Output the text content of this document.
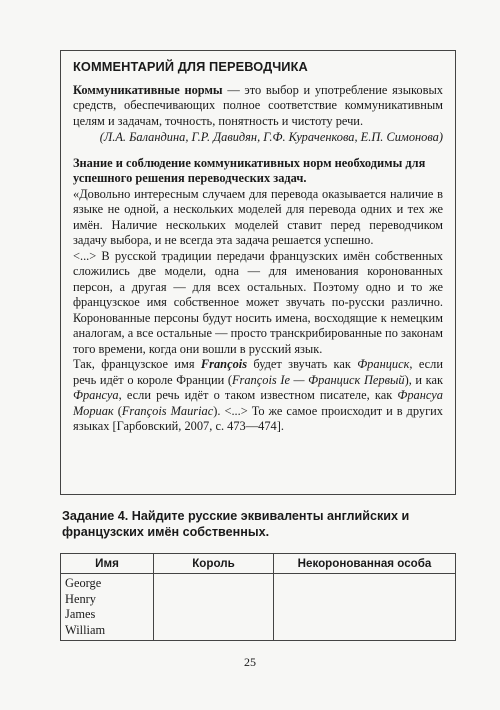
КОММЕНТАРИЙ ДЛЯ ПЕРЕВОДЧИКА

Коммуникативные нормы — это выбор и употребление языковых средств, обеспечивающих полное соответствие коммуникативным целям и задачам, точность, понятность и чистоту речи.

(Л.А. Баландина, Г.Р. Давидян, Г.Ф. Кураченкова, Е.П. Симонова)

Знание и соблюдение коммуникативных норм необходимы для успешного решения переводческих задач.

«Довольно интересным случаем для перевода оказывается наличие в языке не одной, а нескольких моделей для перевода одних и тех же имён. Наличие нескольких моделей ставит перед переводчиком задачу выбора, и не всегда эта задача решается успешно.

<...> В русской традиции передачи французских имён собственных сложились две модели, одна — для именования коронованных персон, а другая — для всех остальных. Поэтому одно и то же французское имя собственное может звучать по-русски различно. Коронованные персоны будут носить имена, восходящие к немецким аналогам, а все остальные — просто транскрибированные по законам того времени, когда они вошли в русский язык.

Так, французское имя François будет звучать как Франциск, если речь идёт о короле Франции (François Ie — Франциск Первый), и как Франсуа, если речь идёт о таком известном писателе, как Франсуа Мориак (François Mauriac). <...> То же самое происходит и в других языках [Гарбовский, 2007, с. 473—474].

Задание 4. Найдите русские эквиваленты английских и французских имён собственных.
Имя	Король	Некоронованная особа

George
Henry
James
William		

25
